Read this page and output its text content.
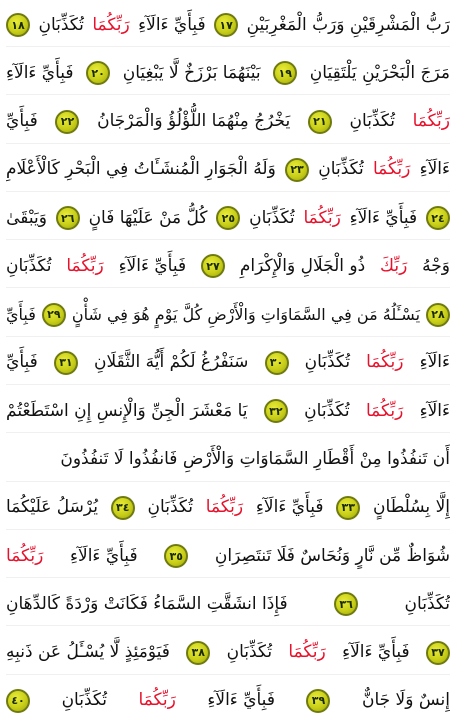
رَبُّ الْمَشْرِقَيْنِ وَرَبُّ الْمَغْرِبَيْنِ
١٧
فَبِأَيِّ ءَالَآءِ
رَبِّكُمَا
تُكَذِّبَانِ
١٨
مَرَجَ الْبَحْرَيْنِ يَلْتَقِيَانِ
١٩
بَيْنَهُمَا بَرْزَخٌ لَّا يَبْغِيَانِ
٢٠
فَبِأَيِّ ءَالَآءِ
رَبِّكُمَا
تُكَذِّبَانِ
٢١
يَخْرُجُ مِنْهُمَا اللُّؤْلُؤُ وَالْمَرْجَانُ
٢٢
فَبِأَيِّ
ءَالَآءِ
رَبِّكُمَا
تُكَذِّبَانِ
٢٣
وَلَهُ الْجَوَارِ الْمُنشَـَٔاتُ فِي الْبَحْرِ كَالْأَعْلَامِ
٢٤
فَبِأَيِّ ءَالَآءِ
رَبِّكُمَا
تُكَذِّبَانِ
٢٥
كُلُّ مَنْ عَلَيْهَا فَانٍ
٢٦
وَيَبْقَىٰ
وَجْهُ
رَبِّكَ
ذُو الْجَلَالِ وَالْإِكْرَامِ
٢٧
فَبِأَيِّ ءَالَآءِ
رَبِّكُمَا
تُكَذِّبَانِ
٢٨
يَسْـَٔلُهُ مَن فِي السَّمَاوَاتِ وَالْأَرْضِ كُلَّ يَوْمٍ هُوَ فِي شَأْنٍ
٢٩
فَبِأَيِّ
ءَالَآءِ
رَبِّكُمَا
تُكَذِّبَانِ
٣٠
سَنَفْرُغُ لَكُمْ أَيُّهَ الثَّقَلَانِ
٣١
فَبِأَيِّ
ءَالَآءِ
رَبِّكُمَا
تُكَذِّبَانِ
٣٢
يَا مَعْشَرَ الْجِنِّ وَالْإِنسِ إِنِ اسْتَطَعْتُمْ
أَن تَنفُذُوا مِنْ أَقْطَارِ السَّمَاوَاتِ وَالْأَرْضِ فَانفُذُوا لَا تَنفُذُونَ
إِلَّا بِسُلْطَانٍ
٣٣
فَبِأَيِّ ءَالَآءِ
رَبِّكُمَا
تُكَذِّبَانِ
٣٤
يُرْسَلُ عَلَيْكُمَا
شُوَاظٌ مِّن نَّارٍ وَنُحَاسٌ فَلَا تَنتَصِرَانِ
٣٥
فَبِأَيِّ ءَالَآءِ
رَبِّكُمَا
تُكَذِّبَانِ
٣٦
فَإِذَا انشَقَّتِ السَّمَاءُ فَكَانَتْ وَرْدَةً كَالدِّهَانِ
٣٧
فَبِأَيِّ ءَالَآءِ
رَبِّكُمَا
تُكَذِّبَانِ
٣٨
فَيَوْمَئِذٍ لَّا يُسْـَٔلُ عَن ذَنبِهِ
إِنسٌ وَلَا جَانٌّ
٣٩
فَبِأَيِّ ءَالَآءِ
رَبِّكُمَا
تُكَذِّبَانِ
٤٠
